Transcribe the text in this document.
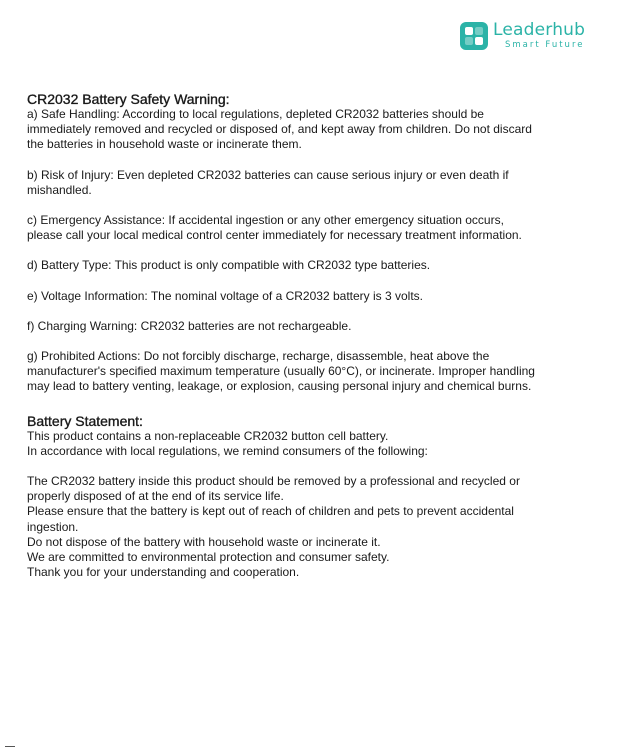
Leaderhub
Smart Future
CR2032 Battery Safety Warning:

a) Safe Handling: According to local regulations, depleted CR2032 batteries should be

immediately removed and recycled or disposed of, and kept away from children. Do not discard

the batteries in household waste or incinerate them.

b) Risk of Injury: Even depleted CR2032 batteries can cause serious injury or even death if

mishandled.

c) Emergency Assistance: If accidental ingestion or any other emergency situation occurs,

please call your local medical control center immediately for necessary treatment information.

d) Battery Type: This product is only compatible with CR2032 type batteries.

e) Voltage Information: The nominal voltage of a CR2032 battery is 3 volts.

f) Charging Warning: CR2032 batteries are not rechargeable.

g) Prohibited Actions: Do not forcibly discharge, recharge, disassemble, heat above the

manufacturer's specified maximum temperature (usually 60°C), or incinerate. Improper handling

may lead to battery venting, leakage, or explosion, causing personal injury and chemical burns.

Battery Statement:

This product contains a non-replaceable CR2032 button cell battery.

In accordance with local regulations, we remind consumers of the following:

The CR2032 battery inside this product should be removed by a professional and recycled or

properly disposed of at the end of its service life.

Please ensure that the battery is kept out of reach of children and pets to prevent accidental

ingestion.

Do not dispose of the battery with household waste or incinerate it.

We are committed to environmental protection and consumer safety.

Thank you for your understanding and cooperation.
